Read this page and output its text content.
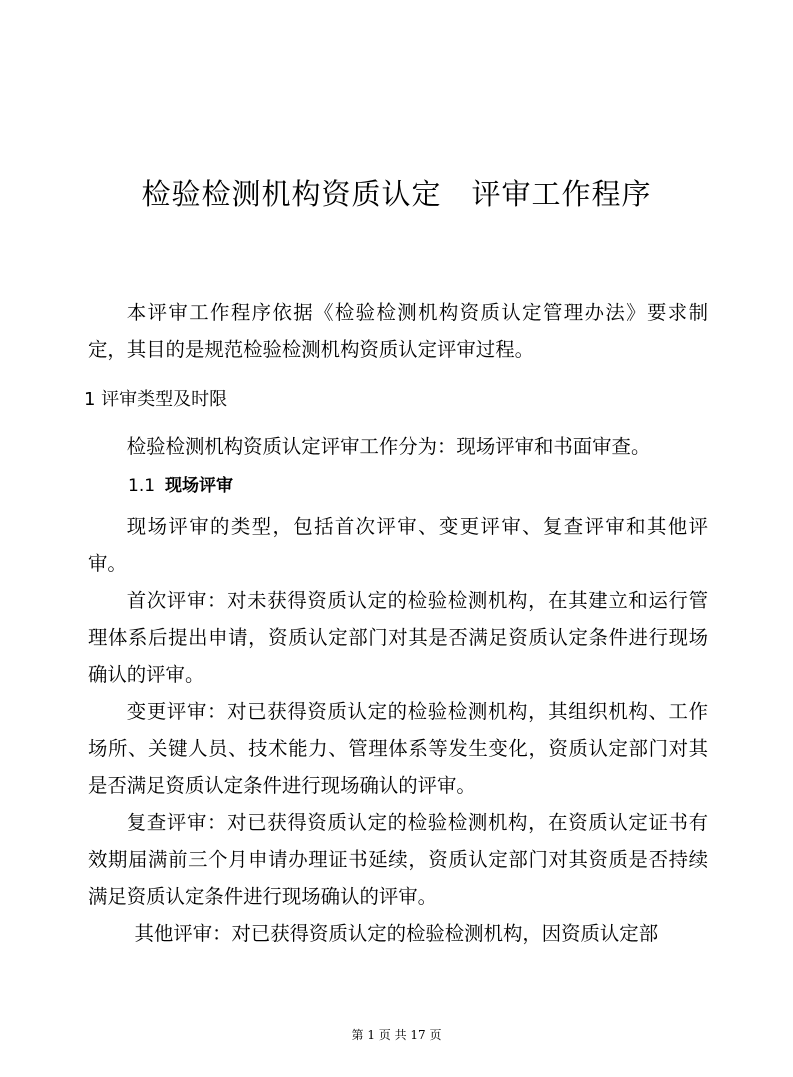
检验检测机构资质认定　评审工作程序

本评审工作程序依据《检验检测机构资质认定管理办法》要求制定，其目的是规范检验检测机构资质认定评审过程。

1 评审类型及时限

检验检测机构资质认定评审工作分为：现场评审和书面审查。

1.1 现场评审

现场评审的类型，包括首次评审、变更评审、复查评审和其他评审。

首次评审：对未获得资质认定的检验检测机构，在其建立和运行管理体系后提出申请，资质认定部门对其是否满足资质认定条件进行现场确认的评审。

变更评审：对已获得资质认定的检验检测机构，其组织机构、工作场所、关键人员、技术能力、管理体系等发生变化，资质认定部门对其是否满足资质认定条件进行现场确认的评审。

复查评审：对已获得资质认定的检验检测机构，在资质认定证书有效期届满前三个月申请办理证书延续，资质认定部门对其资质是否持续满足资质认定条件进行现场确认的评审。

其他评审：对已获得资质认定的检验检测机构，因资质认定部

第 1 页 共 17 页
